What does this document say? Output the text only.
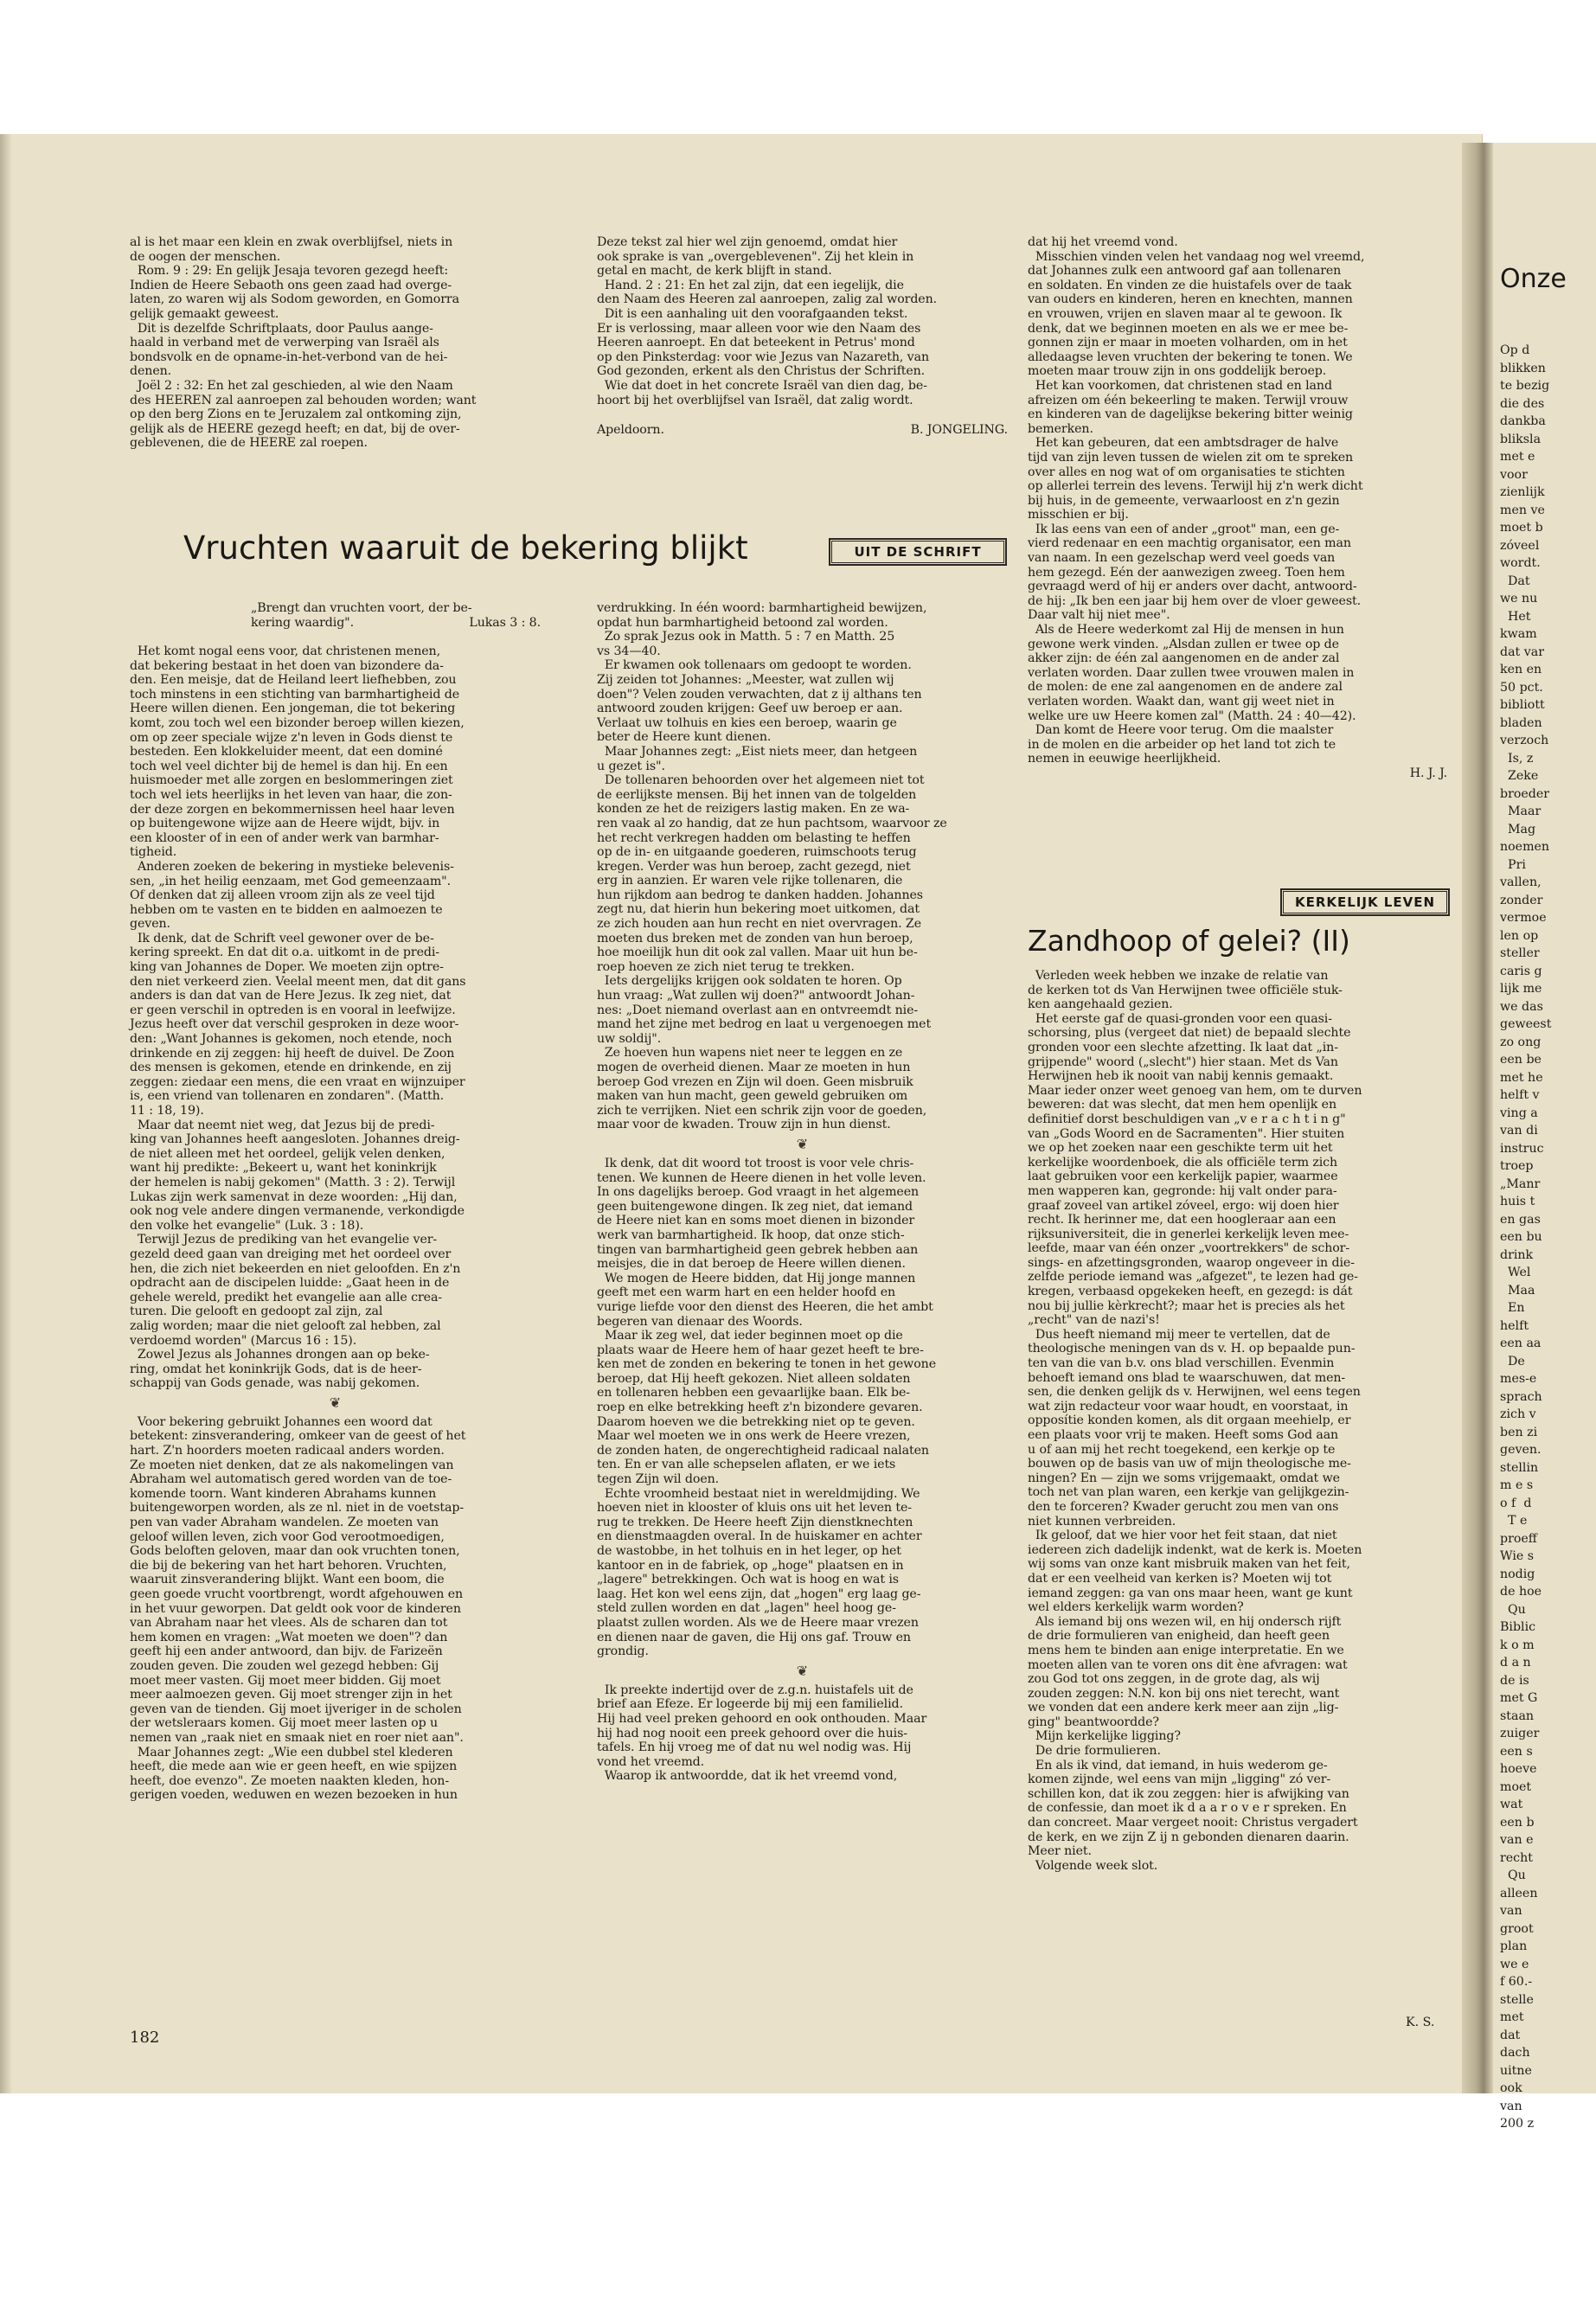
Onze
Op d
blikken
te bezig
die des
dankba
bliksla
met e
voor
zienlijk
men ve
moet b
zóveel
wordt.
Dat
we nu
Het
kwam
dat var
ken en
50 pct.
bibliott
bladen
verzoch
Is, z
Zeke
broeder
Maar
Mag
noemen
Pri
vallen,
zonder
vermoe
len op
steller
caris g
lijk me
we das
geweest
zo ong
een be
met he
helft v
ving a
van di
instruc
troep
„Manr
huis t
en gas
een bu
drink
Wel
Maa
En
helft
een aa
De
mes-e
sprach
zich v
ben zi
geven.
stellin
m e s
o f  d
T e
proeff
Wie s
nodig
de hoe
Qu
Biblic
k o m
d a n
de is
met G
staan
zuiger
een s
hoeve
moet
wat
een b
van e
recht
Qu
alleen
van
groot
plan
we e
f 60.-
stelle
met
dat
dach
uitne
ook
van
200 z

al is het maar een klein en zwak overblijfsel, niets in
de oogen der menschen.
Rom. 9 : 29: En gelijk Jesaja tevoren gezegd heeft:
Indien de Heere Sebaoth ons geen zaad had overge-
laten, zo waren wij als Sodom geworden, en Gomorra
gelijk gemaakt geweest.
Dit is dezelfde Schriftplaats, door Paulus aange-
haald in verband met de verwerping van Israël als
bondsvolk en de opname-in-het-verbond van de hei-
denen.
Joël 2 : 32: En het zal geschieden, al wie den Naam
des HEEREN zal aanroepen zal behouden worden; want
op den berg Zions en te Jeruzalem zal ontkoming zijn,
gelijk als de HEERE gezegd heeft; en dat, bij de over-
geblevenen, die de HEERE zal roepen.

Deze tekst zal hier wel zijn genoemd, omdat hier
ook sprake is van „overgeblevenen". Zij het klein in
getal en macht, de kerk blijft in stand.
Hand. 2 : 21: En het zal zijn, dat een iegelijk, die
den Naam des Heeren zal aanroepen, zalig zal worden.
Dit is een aanhaling uit den voorafgaanden tekst.
Er is verlossing, maar alleen voor wie den Naam des
Heeren aanroept. En dat beteekent in Petrus' mond
op den Pinksterdag: voor wie Jezus van Nazareth, van
God gezonden, erkent als den Christus der Schriften.
Wie dat doet in het concrete Israël van dien dag, be-
hoort bij het overblijfsel van Israël, dat zalig wordt.

Apeldoorn.	B. JONGELING.
Vruchten waaruit de bekering blijkt	UIT DE SCHRIFT

„Brengt dan vruchten voort, der be-
kering waardig".	Lukas 3 : 8.

Het komt nogal eens voor, dat christenen menen,
dat bekering bestaat in het doen van bizondere da-
den. Een meisje, dat de Heiland leert liefhebben, zou
toch minstens in een stichting van barmhartigheid de
Heere willen dienen. Een jongeman, die tot bekering
komt, zou toch wel een bizonder beroep willen kiezen,
om op zeer speciale wijze z'n leven in Gods dienst te
besteden. Een klokkeluider meent, dat een dominé
toch wel veel dichter bij de hemel is dan hij. En een
huismoeder met alle zorgen en beslommeringen ziet
toch wel iets heerlijks in het leven van haar, die zon-
der deze zorgen en bekommernissen heel haar leven
op buitengewone wijze aan de Heere wijdt, bijv. in
een klooster of in een of ander werk van barmhar-
tigheid.
Anderen zoeken de bekering in mystieke belevenis-
sen, „in het heilig eenzaam, met God gemeenzaam".
Of denken dat zij alleen vroom zijn als ze veel tijd
hebben om te vasten en te bidden en aalmoezen te
geven.
Ik denk, dat de Schrift veel gewoner over de be-
kering spreekt. En dat dit o.a. uitkomt in de predi-
king van Johannes de Doper. We moeten zijn optre-
den niet verkeerd zien. Veelal meent men, dat dit gans
anders is dan dat van de Here Jezus. Ik zeg niet, dat
er geen verschil in optreden is en vooral in leefwijze.
Jezus heeft over dat verschil gesproken in deze woor-
den: „Want Johannes is gekomen, noch etende, noch
drinkende en zij zeggen: hij heeft de duivel. De Zoon
des mensen is gekomen, etende en drinkende, en zij
zeggen: ziedaar een mens, die een vraat en wijnzuiper
is, een vriend van tollenaren en zondaren". (Matth.
11 : 18, 19).
Maar dat neemt niet weg, dat Jezus bij de predi-
king van Johannes heeft aangesloten. Johannes dreig-
de niet alleen met het oordeel, gelijk velen denken,
want hij predikte: „Bekeert u, want het koninkrijk
der hemelen is nabij gekomen" (Matth. 3 : 2). Terwijl
Lukas zijn werk samenvat in deze woorden: „Hij dan,
ook nog vele andere dingen vermanende, verkondigde
den volke het evangelie" (Luk. 3 : 18).
Terwijl Jezus de prediking van het evangelie ver-
gezeld deed gaan van dreiging met het oordeel over
hen, die zich niet bekeerden en niet geloofden. En z'n
opdracht aan de discipelen luidde: „Gaat heen in de
gehele wereld, predikt het evangelie aan alle crea-
turen. Die gelooft en gedoopt zal zijn, zal
zalig worden; maar die niet gelooft zal hebben, zal
verdoemd worden" (Marcus 16 : 15).
Zowel Jezus als Johannes drongen aan op beke-
ring, omdat het koninkrijk Gods, dat is de heer-
schappij van Gods genade, was nabij gekomen.

❦

Voor bekering gebruikt Johannes een woord dat
betekent: zinsverandering, omkeer van de geest of het
hart. Z'n hoorders moeten radicaal anders worden.
Ze moeten niet denken, dat ze als nakomelingen van
Abraham wel automatisch gered worden van de toe-
komende toorn. Want kinderen Abrahams kunnen
buitengeworpen worden, als ze nl. niet in de voetstap-
pen van vader Abraham wandelen. Ze moeten van
geloof willen leven, zich voor God verootmoedigen,
Gods beloften geloven, maar dan ook vruchten tonen,
die bij de bekering van het hart behoren. Vruchten,
waaruit zinsverandering blijkt. Want een boom, die
geen goede vrucht voortbrengt, wordt afgehouwen en
in het vuur geworpen. Dat geldt ook voor de kinderen
van Abraham naar het vlees. Als de scharen dan tot
hem komen en vragen: „Wat moeten we doen"? dan
geeft hij een ander antwoord, dan bijv. de Farizeën
zouden geven. Die zouden wel gezegd hebben: Gij
moet meer vasten. Gij moet meer bidden. Gij moet
meer aalmoezen geven. Gij moet strenger zijn in het
geven van de tienden. Gij moet ijveriger in de scholen
der wetsleraars komen. Gij moet meer lasten op u
nemen van „raak niet en smaak niet en roer niet aan".
Maar Johannes zegt: „Wie een dubbel stel klederen
heeft, die mede aan wie er geen heeft, en wie spijzen
heeft, doe evenzo". Ze moeten naakten kleden, hon-
gerigen voeden, weduwen en wezen bezoeken in hun

182

verdrukking. In één woord: barmhartigheid bewijzen,
opdat hun barmhartigheid betoond zal worden.
Zo sprak Jezus ook in Matth. 5 : 7 en Matth. 25
vs 34—40.
Er kwamen ook tollenaars om gedoopt te worden.
Zij zeiden tot Johannes: „Meester, wat zullen wij
doen"? Velen zouden verwachten, dat z ij althans ten
antwoord zouden krijgen: Geef uw beroep er aan.
Verlaat uw tolhuis en kies een beroep, waarin ge
beter de Heere kunt dienen.
Maar Johannes zegt: „Eist niets meer, dan hetgeen
u gezet is".
De tollenaren behoorden over het algemeen niet tot
de eerlijkste mensen. Bij het innen van de tolgelden
konden ze het de reizigers lastig maken. En ze wa-
ren vaak al zo handig, dat ze hun pachtsom, waarvoor ze
het recht verkregen hadden om belasting te heffen
op de in- en uitgaande goederen, ruimschoots terug
kregen. Verder was hun beroep, zacht gezegd, niet
erg in aanzien. Er waren vele rijke tollenaren, die
hun rijkdom aan bedrog te danken hadden. Johannes
zegt nu, dat hierin hun bekering moet uitkomen, dat
ze zich houden aan hun recht en niet overvragen. Ze
moeten dus breken met de zonden van hun beroep,
hoe moeilijk hun dit ook zal vallen. Maar uit hun be-
roep hoeven ze zich niet terug te trekken.
Iets dergelijks krijgen ook soldaten te horen. Op
hun vraag: „Wat zullen wij doen?" antwoordt Johan-
nes: „Doet niemand overlast aan en ontvreemdt nie-
mand het zijne met bedrog en laat u vergenoegen met
uw soldij".
Ze hoeven hun wapens niet neer te leggen en ze
mogen de overheid dienen. Maar ze moeten in hun
beroep God vrezen en Zijn wil doen. Geen misbruik
maken van hun macht, geen geweld gebruiken om
zich te verrijken. Niet een schrik zijn voor de goeden,
maar voor de kwaden. Trouw zijn in hun dienst.

❦

Ik denk, dat dit woord tot troost is voor vele chris-
tenen. We kunnen de Heere dienen in het volle leven.
In ons dagelijks beroep. God vraagt in het algemeen
geen buitengewone dingen. Ik zeg niet, dat iemand
de Heere niet kan en soms moet dienen in bizonder
werk van barmhartigheid. Ik hoop, dat onze stich-
tingen van barmhartigheid geen gebrek hebben aan
meisjes, die in dat beroep de Heere willen dienen.
We mogen de Heere bidden, dat Hij jonge mannen
geeft met een warm hart en een helder hoofd en
vurige liefde voor den dienst des Heeren, die het ambt
begeren van dienaar des Woords.
Maar ik zeg wel, dat ieder beginnen moet op die
plaats waar de Heere hem of haar gezet heeft te bre-
ken met de zonden en bekering te tonen in het gewone
beroep, dat Hij heeft gekozen. Niet alleen soldaten
en tollenaren hebben een gevaarlijke baan. Elk be-
roep en elke betrekking heeft z'n bizondere gevaren.
Daarom hoeven we die betrekking niet op te geven.
Maar wel moeten we in ons werk de Heere vrezen,
de zonden haten, de ongerechtigheid radicaal nalaten
ten. En er van alle schepselen aflaten, er we iets
tegen Zijn wil doen.
Echte vroomheid bestaat niet in wereldmijding. We
hoeven niet in klooster of kluis ons uit het leven te-
rug te trekken. De Heere heeft Zijn dienstknechten
en dienstmaagden overal. In de huiskamer en achter
de wastobbe, in het tolhuis en in het leger, op het
kantoor en in de fabriek, op „hoge" plaatsen en in
„lagere" betrekkingen. Och wat is hoog en wat is
laag. Het kon wel eens zijn, dat „hogen" erg laag ge-
steld zullen worden en dat „lagen" heel hoog ge-
plaatst zullen worden. Als we de Heere maar vrezen
en dienen naar de gaven, die Hij ons gaf. Trouw en
grondig.

❦

Ik preekte indertijd over de z.g.n. huistafels uit de
brief aan Efeze. Er logeerde bij mij een familielid.
Hij had veel preken gehoord en ook onthouden. Maar
hij had nog nooit een preek gehoord over die huis-
tafels. En hij vroeg me of dat nu wel nodig was. Hij
vond het vreemd.
Waarop ik antwoordde, dat ik het vreemd vond,

dat hij het vreemd vond.
Misschien vinden velen het vandaag nog wel vreemd,
dat Johannes zulk een antwoord gaf aan tollenaren
en soldaten. En vinden ze die huistafels over de taak
van ouders en kinderen, heren en knechten, mannen
en vrouwen, vrijen en slaven maar al te gewoon. Ik
denk, dat we beginnen moeten en als we er mee be-
gonnen zijn er maar in moeten volharden, om in het
alledaagse leven vruchten der bekering te tonen. We
moeten maar trouw zijn in ons goddelijk beroep.
Het kan voorkomen, dat christenen stad en land
afreizen om één bekeerling te maken. Terwijl vrouw
en kinderen van de dagelijkse bekering bitter weinig
bemerken.
Het kan gebeuren, dat een ambtsdrager de halve
tijd van zijn leven tussen de wielen zit om te spreken
over alles en nog wat of om organisaties te stichten
op allerlei terrein des levens. Terwijl hij z'n werk dicht
bij huis, in de gemeente, verwaarloost en z'n gezin
misschien er bij.
Ik las eens van een of ander „groot" man, een ge-
vierd redenaar en een machtig organisator, een man
van naam. In een gezelschap werd veel goeds van
hem gezegd. Eén der aanwezigen zweeg. Toen hem
gevraagd werd of hij er anders over dacht, antwoord-
de hij: „Ik ben een jaar bij hem over de vloer geweest.
Daar valt hij niet mee".
Als de Heere wederkomt zal Hij de mensen in hun
gewone werk vinden. „Alsdan zullen er twee op de
akker zijn: de één zal aangenomen en de ander zal
verlaten worden. Daar zullen twee vrouwen malen in
de molen: de ene zal aangenomen en de andere zal
verlaten worden. Waakt dan, want gij weet niet in
welke ure uw Heere komen zal" (Matth. 24 : 40—42).
Dan komt de Heere voor terug. Om die maalster
in de molen en die arbeider op het land tot zich te
nemen in eeuwige heerlijkheid.

H. J. J.
KERKELIJK LEVEN
Zandhoop of gelei? (II)

Verleden week hebben we inzake de relatie van
de kerken tot ds Van Herwijnen twee officiële stuk-
ken aangehaald gezien.
Het eerste gaf de quasi-gronden voor een quasi-
schorsing, plus (vergeet dat niet) de bepaald slechte
gronden voor een slechte afzetting. Ik laat dat „in-
grijpende" woord („slecht") hier staan. Met ds Van
Herwijnen heb ik nooit van nabij kennis gemaakt.
Maar ieder onzer weet genoeg van hem, om te durven
beweren: dat was slecht, dat men hem openlijk en
definitief dorst beschuldigen van „v e r a c h t i n g"
van „Gods Woord en de Sacramenten". Hier stuiten
we op het zoeken naar een geschikte term uit het
kerkelijke woordenboek, die als officiële term zich
laat gebruiken voor een kerkelijk papier, waarmee
men wapperen kan, gegronde: hij valt onder para-
graaf zoveel van artikel zóveel, ergo: wij doen hier
recht. Ik herinner me, dat een hoogleraar aan een
rijksuniversiteit, die in generlei kerkelijk leven mee-
leefde, maar van één onzer „voortrekkers" de schor-
sings- en afzettingsgronden, waarop ongeveer in die-
zelfde periode iemand was „afgezet", te lezen had ge-
kregen, verbaasd opgekeken heeft, en gezegd: is dát
nou bij jullie kèrkrecht?; maar het is precies als het
„recht" van de nazi's!
Dus heeft niemand mij meer te vertellen, dat de
theologische meningen van ds v. H. op bepaalde pun-
ten van die van b.v. ons blad verschillen. Evenmin
behoeft iemand ons blad te waarschuwen, dat men-
sen, die denken gelijk ds v. Herwijnen, wel eens tegen
wat zijn redacteur voor waar houdt, en voorstaat, in
opposítie konden komen, als dit orgaan meehielp, er
een plaats voor vrij te maken. Heeft soms God aan
u of aan mij het recht toegekend, een kerkje op te
bouwen op de basis van uw of mijn theologische me-
ningen? En — zijn we soms vrijgemaakt, omdat we
toch net van plan waren, een kerkje van gelijkgezin-
den te forceren? Kwader gerucht zou men van ons
niet kunnen verbreiden.
Ik geloof, dat we hier voor het feit staan, dat niet
iedereen zich dadelijk indenkt, wat de kerk is. Moeten
wij soms van onze kant misbruik maken van het feit,
dat er een veelheid van kerken is? Moeten wij tot
iemand zeggen: ga van ons maar heen, want ge kunt
wel elders kerkelijk warm worden?
Als iemand bij ons wezen wil, en hij ondersch rijft
de drie formulieren van enigheid, dan heeft geen
mens hem te binden aan enige interpretatie. En we
moeten allen van te voren ons dit ène afvragen: wat
zou God tot ons zeggen, in de grote dag, als wij
zouden zeggen: N.N. kon bij ons niet terecht, want
we vonden dat een andere kerk meer aan zijn „lig-
ging" beantwoordde?
Mijn kerkelijke ligging?
De drie formulieren.
En als ik vind, dat iemand, in huis wederom ge-
komen zijnde, wel eens van mijn „ligging" zó ver-
schillen kon, dat ik zou zeggen: hier is afwijking van
de confessie, dan moet ik d a a r o v e r spreken. En
dan concreet. Maar vergeet nooit: Christus vergadert
de kerk, en we zijn Z ij n gebonden dienaren daarin.
Meer niet.
Volgende week slot.

K. S.
